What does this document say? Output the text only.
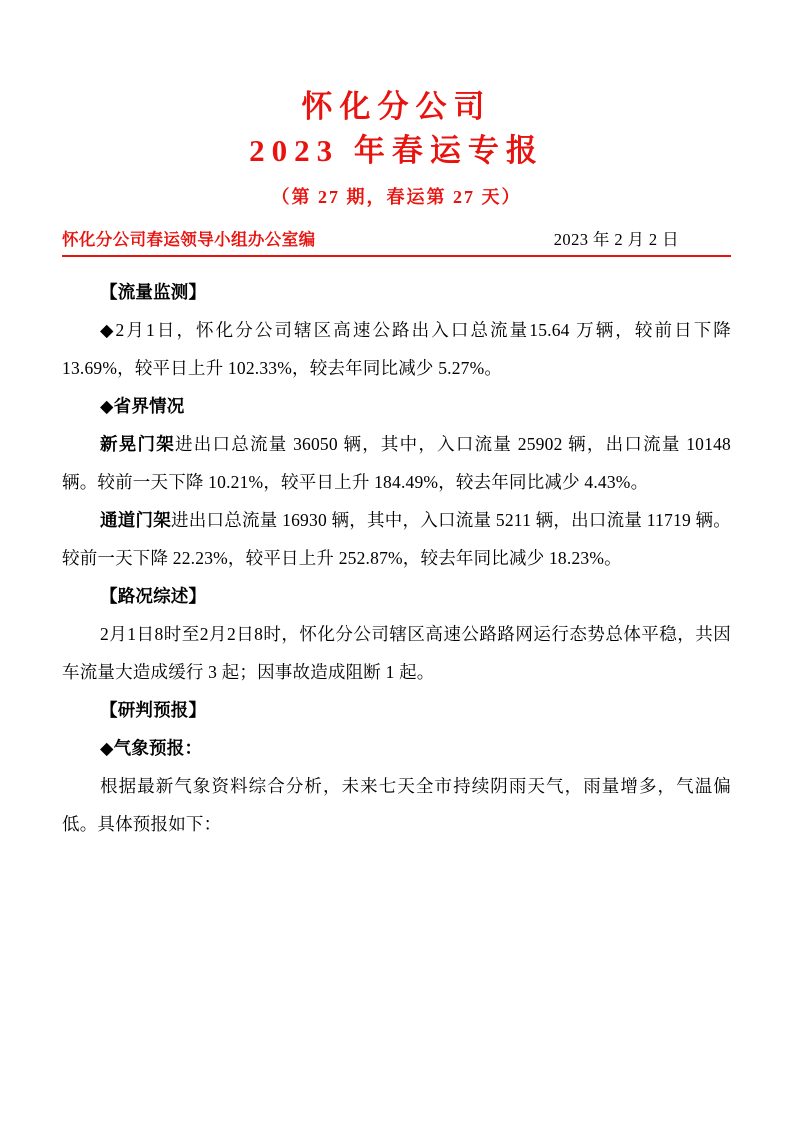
怀化分公司
2023 年春运专报
（第 27 期，春运第 27 天）
怀化分公司春运领导小组办公室编	2023 年 2 月 2 日

【流量监测】

◆2月1日，怀化分公司辖区高速公路出入口总流量15.64 万辆，较前日下降 13.69%，较平日上升 102.33%，较去年同比减少 5.27%。

◆省界情况

新晃门架进出口总流量 36050 辆，其中，入口流量 25902 辆，出口流量 10148 辆。较前一天下降 10.21%，较平日上升 184.49%，较去年同比减少 4.43%。

通道门架进出口总流量 16930 辆，其中，入口流量 5211 辆，出口流量 11719 辆。较前一天下降 22.23%，较平日上升 252.87%，较去年同比减少 18.23%。

【路况综述】

2月1日8时至2月2日8时，怀化分公司辖区高速公路路网运行态势总体平稳，共因车流量大造成缓行 3 起；因事故造成阻断 1 起。

【研判预报】

◆气象预报：

根据最新气象资料综合分析，未来七天全市持续阴雨天气，雨量增多，气温偏低。具体预报如下：
